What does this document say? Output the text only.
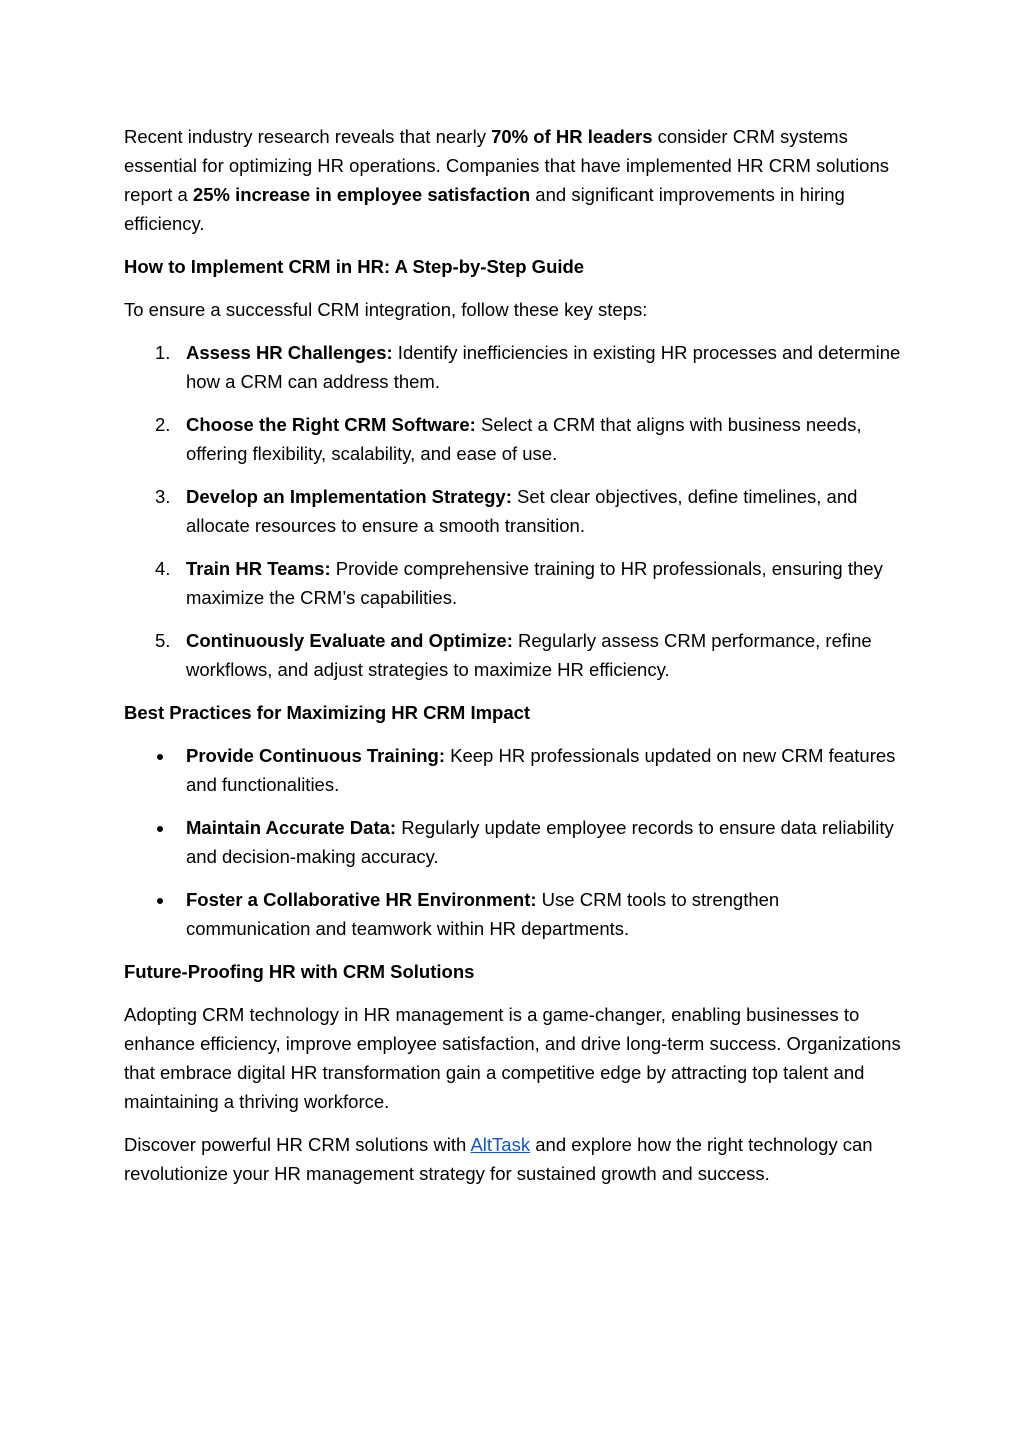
Recent industry research reveals that nearly 70% of HR leaders consider CRM systems essential for optimizing HR operations. Companies that have implemented HR CRM solutions report a 25% increase in employee satisfaction and significant improvements in hiring efficiency.

How to Implement CRM in HR: A Step-by-Step Guide

To ensure a successful CRM integration, follow these key steps:

1. Assess HR Challenges: Identify inefficiencies in existing HR processes and determine how a CRM can address them.
2. Choose the Right CRM Software: Select a CRM that aligns with business needs, offering flexibility, scalability, and ease of use.
3. Develop an Implementation Strategy: Set clear objectives, define timelines, and allocate resources to ensure a smooth transition.
4. Train HR Teams: Provide comprehensive training to HR professionals, ensuring they maximize the CRM’s capabilities.
5. Continuously Evaluate and Optimize: Regularly assess CRM performance, refine workflows, and adjust strategies to maximize HR efficiency.

Best Practices for Maximizing HR CRM Impact

Provide Continuous Training: Keep HR professionals updated on new CRM features and functionalities.
Maintain Accurate Data: Regularly update employee records to ensure data reliability and decision-making accuracy.
Foster a Collaborative HR Environment: Use CRM tools to strengthen communication and teamwork within HR departments.

Future-Proofing HR with CRM Solutions

Adopting CRM technology in HR management is a game-changer, enabling businesses to enhance efficiency, improve employee satisfaction, and drive long-term success. Organizations that embrace digital HR transformation gain a competitive edge by attracting top talent and maintaining a thriving workforce.

Discover powerful HR CRM solutions with AltTask and explore how the right technology can revolutionize your HR management strategy for sustained growth and success.
